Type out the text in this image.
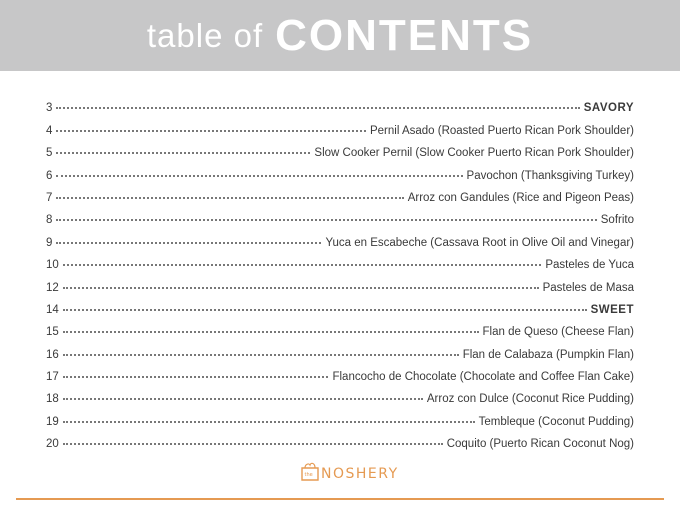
table of CONTENTS
3	SAVORY
4	Pernil Asado (Roasted Puerto Rican Pork Shoulder)
5	Slow Cooker Pernil (Slow Cooker Puerto Rican Pork Shoulder)
6	Pavochon (Thanksgiving Turkey)
7	Arroz con Gandules (Rice and Pigeon Peas)
8	Sofrito
9	Yuca en Escabeche (Cassava Root in Olive Oil and Vinegar)
10	Pasteles de Yuca
12	Pasteles de Masa
14	SWEET
15	Flan de Queso (Cheese Flan)
16	Flan de Calabaza (Pumpkin Flan)
17	Flancocho de Chocolate (Chocolate and Coffee Flan Cake)
18	Arroz con Dulce (Coconut Rice Pudding)
19	Tembleque (Coconut Pudding)
20	Coquito (Puerto Rican Coconut Nog)
the NOSHERY
